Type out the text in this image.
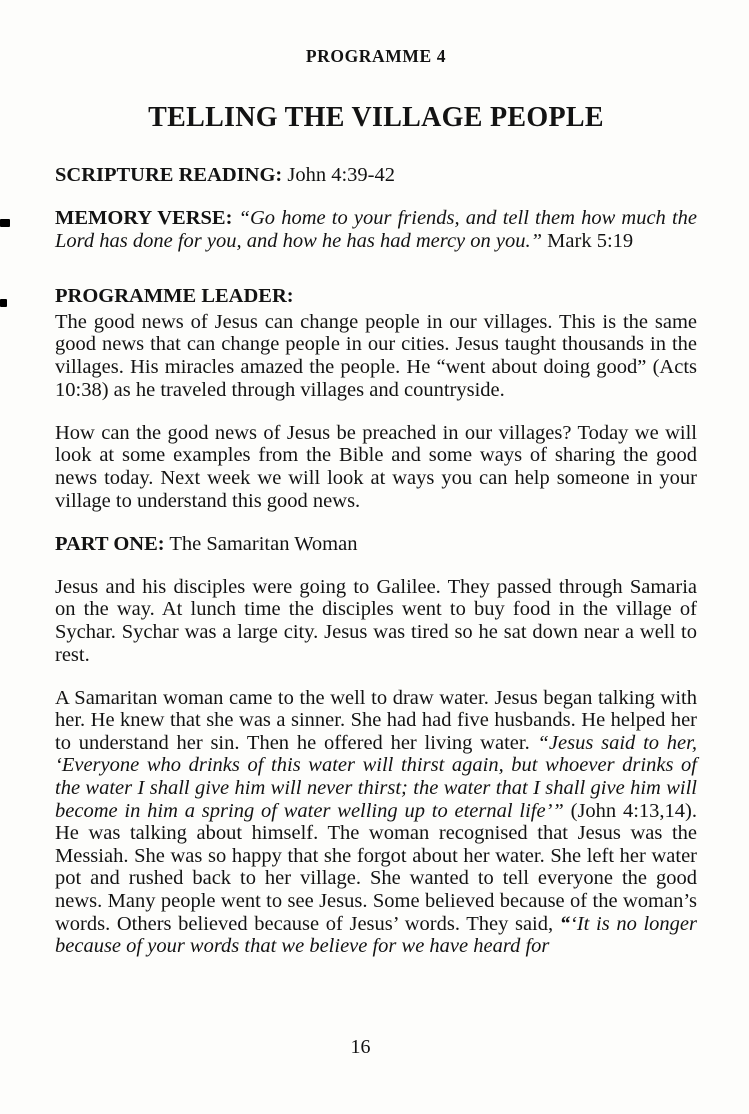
PROGRAMME 4
TELLING THE VILLAGE PEOPLE

SCRIPTURE READING: John 4:39-42

MEMORY VERSE: “Go home to your friends, and tell them how much the Lord has done for you, and how he has had mercy on you.” Mark 5:19

PROGRAMME LEADER:

The good news of Jesus can change people in our villages. This is the same good news that can change people in our cities. Jesus taught thousands in the villages. His miracles amazed the people. He “went about doing good” (Acts 10:38) as he traveled through villages and countryside.

How can the good news of Jesus be preached in our villages? Today we will look at some examples from the Bible and some ways of sharing the good news today. Next week we will look at ways you can help someone in your village to understand this good news.

PART ONE: The Samaritan Woman

Jesus and his disciples were going to Galilee. They passed through Samaria on the way. At lunch time the disciples went to buy food in the village of Sychar. Sychar was a large city. Jesus was tired so he sat down near a well to rest.

A Samaritan woman came to the well to draw water. Jesus began talking with her. He knew that she was a sinner. She had had five husbands. He helped her to understand her sin. Then he offered her living water. “Jesus said to her, ‘Everyone who drinks of this water will thirst again, but whoever drinks of the water I shall give him will never thirst; the water that I shall give him will become in him a spring of water welling up to eternal life’” (John 4:13,14). He was talking about himself. The woman recognised that Jesus was the Messiah. She was so happy that she forgot about her water. She left her water pot and rushed back to her village. She wanted to tell everyone the good news. Many people went to see Jesus. Some believed because of the woman’s words. Others believed because of Jesus’ words. They said, “‘It is no longer because of your words that we believe for we have heard for

16
